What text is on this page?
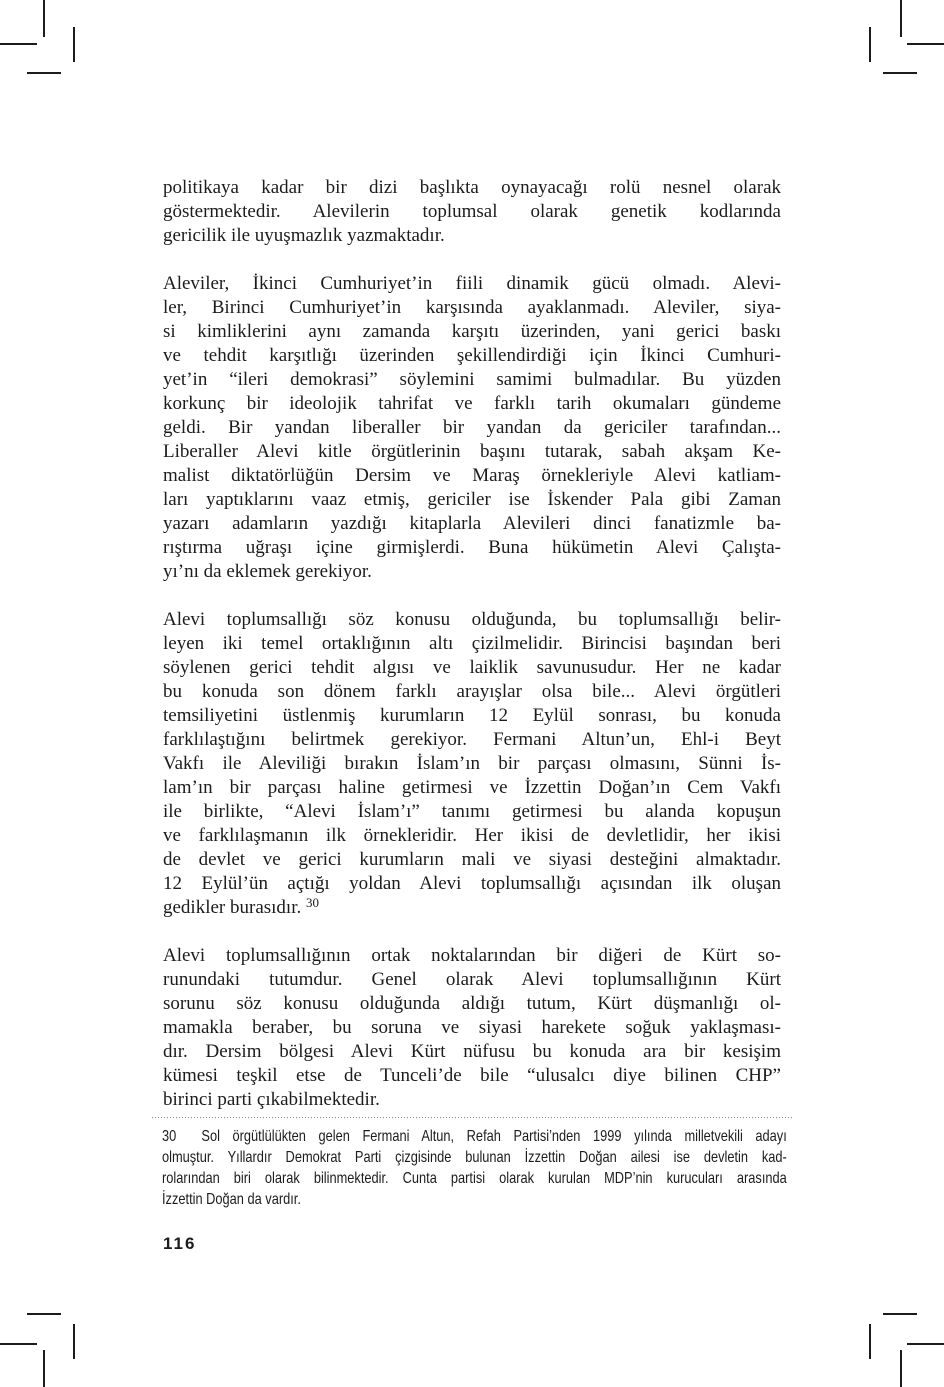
politikaya kadar bir dizi başlıkta oynayacağı rolü nesnel olarak
göstermektedir. Alevilerin toplumsal olarak genetik kodlarında
gericilik ile uyuşmazlık yazmaktadır.
Aleviler, İkinci Cumhuriyet’in fiili dinamik gücü olmadı. Alevi-
ler, Birinci Cumhuriyet’in karşısında ayaklanmadı. Aleviler, siya-
si kimliklerini aynı zamanda karşıtı üzerinden, yani gerici baskı
ve tehdit karşıtlığı üzerinden şekillendirdiği için İkinci Cumhuri-
yet’in “ileri demokrasi” söylemini samimi bulmadılar. Bu yüzden
korkunç bir ideolojik tahrifat ve farklı tarih okumaları gündeme
geldi. Bir yandan liberaller bir yandan da gericiler tarafından...
Liberaller Alevi kitle örgütlerinin başını tutarak, sabah akşam Ke-
malist diktatörlüğün Dersim ve Maraş örnekleriyle Alevi katliam-
ları yaptıklarını vaaz etmiş, gericiler ise İskender Pala gibi Zaman
yazarı adamların yazdığı kitaplarla Alevileri dinci fanatizmle ba-
rıştırma uğraşı içine girmişlerdi. Buna hükümetin Alevi Çalışta-
yı’nı da eklemek gerekiyor.
Alevi toplumsallığı söz konusu olduğunda, bu toplumsallığı belir-
leyen iki temel ortaklığının altı çizilmelidir. Birincisi başından beri
söylenen gerici tehdit algısı ve laiklik savunusudur. Her ne kadar
bu konuda son dönem farklı arayışlar olsa bile... Alevi örgütleri
temsiliyetini üstlenmiş kurumların 12 Eylül sonrası, bu konuda
farklılaştığını belirtmek gerekiyor. Fermani Altun’un, Ehl-i Beyt
Vakfı ile Aleviliği bırakın İslam’ın bir parçası olmasını, Sünni İs-
lam’ın bir parçası haline getirmesi ve İzzettin Doğan’ın Cem Vakfı
ile birlikte, “Alevi İslam’ı” tanımı getirmesi bu alanda kopuşun
ve farklılaşmanın ilk örnekleridir. Her ikisi de devletlidir, her ikisi
de devlet ve gerici kurumların mali ve siyasi desteğini almaktadır.
12 Eylül’ün açtığı yoldan Alevi toplumsallığı açısından ilk oluşan
gedikler burasıdır. $^{30}$
Alevi toplumsallığının ortak noktalarından bir diğeri de Kürt so-
runundaki tutumdur. Genel olarak Alevi toplumsallığının Kürt
sorunu söz konusu olduğunda aldığı tutum, Kürt düşmanlığı ol-
mamakla beraber, bu soruna ve siyasi harekete soğuk yaklaşması-
dır. Dersim bölgesi Alevi Kürt nüfusu bu konuda ara bir kesişim
kümesi teşkil etse de Tunceli’de bile “ulusalcı diye bilinen CHP”
birinci parti çıkabilmektedir.
30  Sol örgütlülükten gelen Fermani Altun, Refah Partisi’nden 1999 yılında milletvekili adayı
olmuştur. Yıllardır Demokrat Parti çizgisinde bulunan İzzettin Doğan ailesi ise devletin kad-
rolarından biri olarak bilinmektedir. Cunta partisi olarak kurulan MDP’nin kurucuları arasında
İzzettin Doğan da vardır.
116
